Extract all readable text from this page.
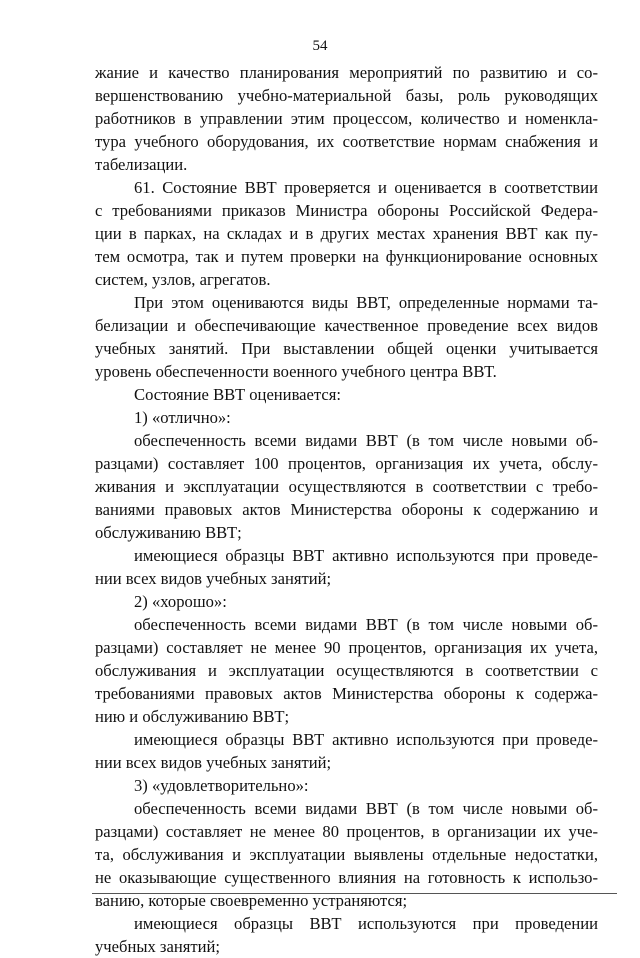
54
жание и качество планирования мероприятий по развитию и со-
вершенствованию учебно-материальной базы, роль руководящих
работников в управлении этим процессом, количество и номенкла-
тура учебного оборудования, их соответствие нормам снабжения и
табелизации.
61. Состояние ВВТ проверяется и оценивается в соответствии
с требованиями приказов Министра обороны Российской Федера-
ции в парках, на складах и в других местах хранения ВВТ как пу-
тем осмотра, так и путем проверки на функционирование основных
систем, узлов, агрегатов.
При этом оцениваются виды ВВТ, определенные нормами та-
белизации и обеспечивающие качественное проведение всех видов
учебных занятий. При выставлении общей оценки учитывается
уровень обеспеченности военного учебного центра ВВТ.
Состояние ВВТ оценивается:
1) «отлично»:
обеспеченность всеми видами ВВТ (в том числе новыми об-
разцами) составляет 100 процентов, организация их учета, обслу-
живания и эксплуатации осуществляются в соответствии с требо-
ваниями правовых актов Министерства обороны к содержанию и
обслуживанию ВВТ;
имеющиеся образцы ВВТ активно используются при проведе-
нии всех видов учебных занятий;
2) «хорошо»:
обеспеченность всеми видами ВВТ (в том числе новыми об-
разцами) составляет не менее 90 процентов, организация их учета,
обслуживания и эксплуатации осуществляются в соответствии с
требованиями правовых актов Министерства обороны к содержа-
нию и обслуживанию ВВТ;
имеющиеся образцы ВВТ активно используются при проведе-
нии всех видов учебных занятий;
3) «удовлетворительно»:
обеспеченность всеми видами ВВТ (в том числе новыми об-
разцами) составляет не менее 80 процентов, в организации их уче-
та, обслуживания и эксплуатации выявлены отдельные недостатки,
не оказывающие существенного влияния на готовность к использо-
ванию, которые своевременно устраняются;
имеющиеся образцы ВВТ используются при проведении
учебных занятий;
